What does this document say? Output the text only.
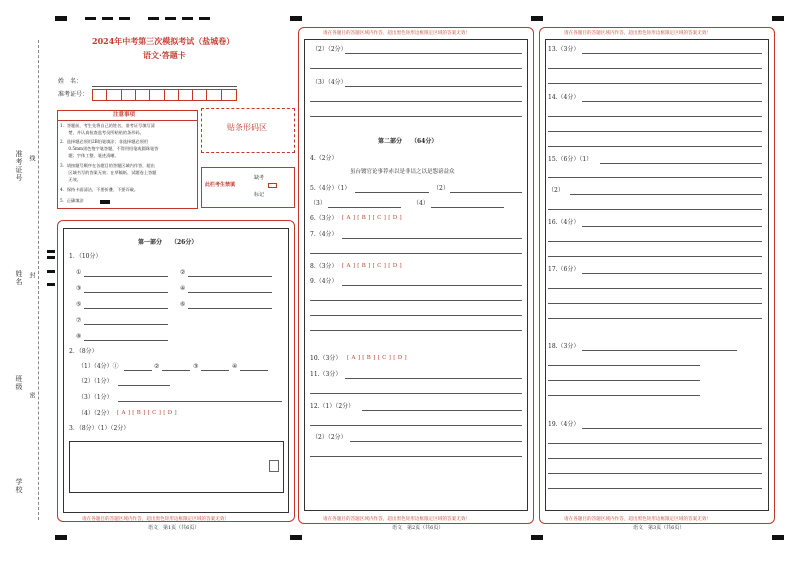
准考证号 线
姓名 封
班级
密
学校
2024年中考第三次模拟考试（盐城卷）
语文·答题卡
姓　名：
准考证号：
注意事项
1．答题前，考生先将自己的姓名，准考证号填写清
　　楚，并认真检查监考员所粘贴的条形码。
2．选择题必须用2B铅笔填涂；非选择题必须用
　　0.5mm黑色签字笔答题，不得用铅笔或圆珠笔答
　　题；字体工整、笔迹清晰。
3．请按题号顺序在各题目的答题区域内作答，超出
　　区域书写的答案无效；在草稿纸、试题卷上答题
　　无效。
4．保持卡面清洁，不要折叠、不要弄破。
5．正确填涂
贴条形码区
此栏考生禁填
缺考
标记
第一部分　　（26分）
1．（10分）
①	②
③	④
⑤	⑥
⑦
⑧
2．（8分）
（1）（4分）①	②	③	④
（2）（1分）
（3）（1分）
（4）（2分） [ A ] [ B ] [ C ] [ D ]
3．（8分）（1）（2分）
请在各题目的答题区域内作答，超出黑色矩形边框限定区域的答案无效！
语文　第1页（共6页）
请在各题目的答题区域内作答，超出黑色矩形边框限定区域的答案无效！
（2）（2分）
（3）（4分）
第二部分　　（64分）
4.（2分）
虽台镀官论事荐赤以是非诘之以是怨谤益众
5.（4分）（1）	（2）
（3）	（4）
6.（3分） [ A ] [ B ] [ C ] [ D ]
7.（4分）
8.（3分） [ A ] [ B ] [ C ] [ D ]
9.（4分）
10.（3分） [ A ] [ B ] [ C ] [ D ]
11.（3分）
12.（1）（2分）
（2）（2分）
请在各题目的答题区域内作答，超出黑色矩形边框限定区域的答案无效！
语文　第2页（共6页）
请在各题目的答题区域内作答，超出黑色矩形边框限定区域的答案无效！
13.（3分）
14.（4分）
15.（6分）（1）
（2）
16.（4分）
17.（6分）
18.（3分）
19.（4分）
请在各题目的答题区域内作答，超出黑色矩形边框限定区域的答案无效！
语文　第3页（共6页）
